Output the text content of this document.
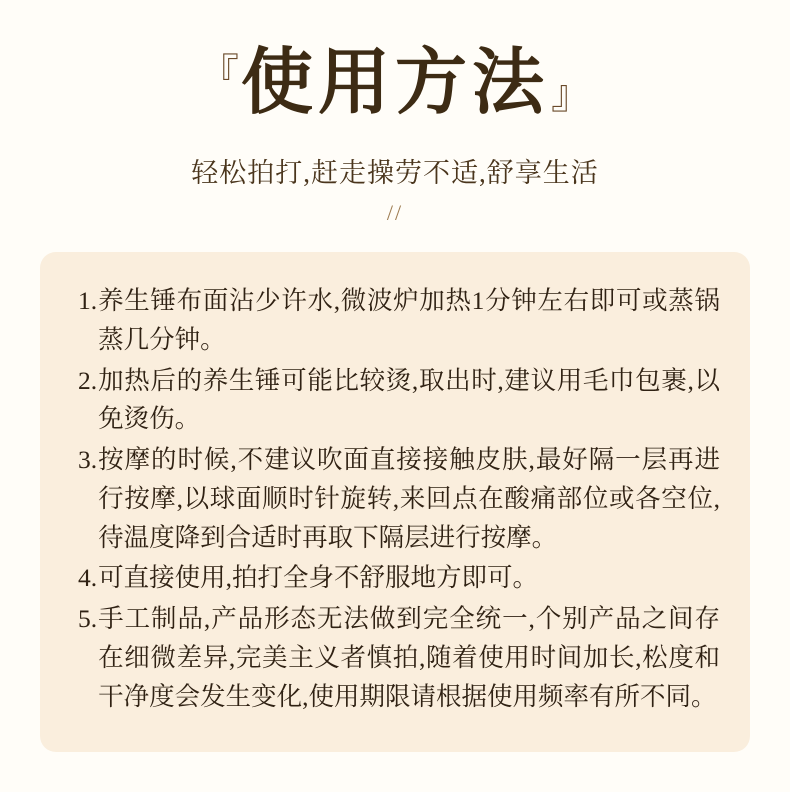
『 使用方法 』
轻松拍打,赶走操劳不适,舒享生活
//
1. 养生锤布面沾少许水,微波炉加热1分钟左右即可或蒸锅蒸几分钟。
2. 加热后的养生锤可能比较烫,取出时,建议用毛巾包裹,以免烫伤。
3. 按摩的时候,不建议吹面直接接触皮肤,最好隔一层再进行按摩,以球面顺时针旋转,来回点在酸痛部位或各空位,待温度降到合适时再取下隔层进行按摩。
4. 可直接使用,拍打全身不舒服地方即可。
5. 手工制品,产品形态无法做到完全统一,个别产品之间存在细微差异,完美主义者慎拍,随着使用时间加长,松度和干净度会发生变化,使用期限请根据使用频率有所不同。
